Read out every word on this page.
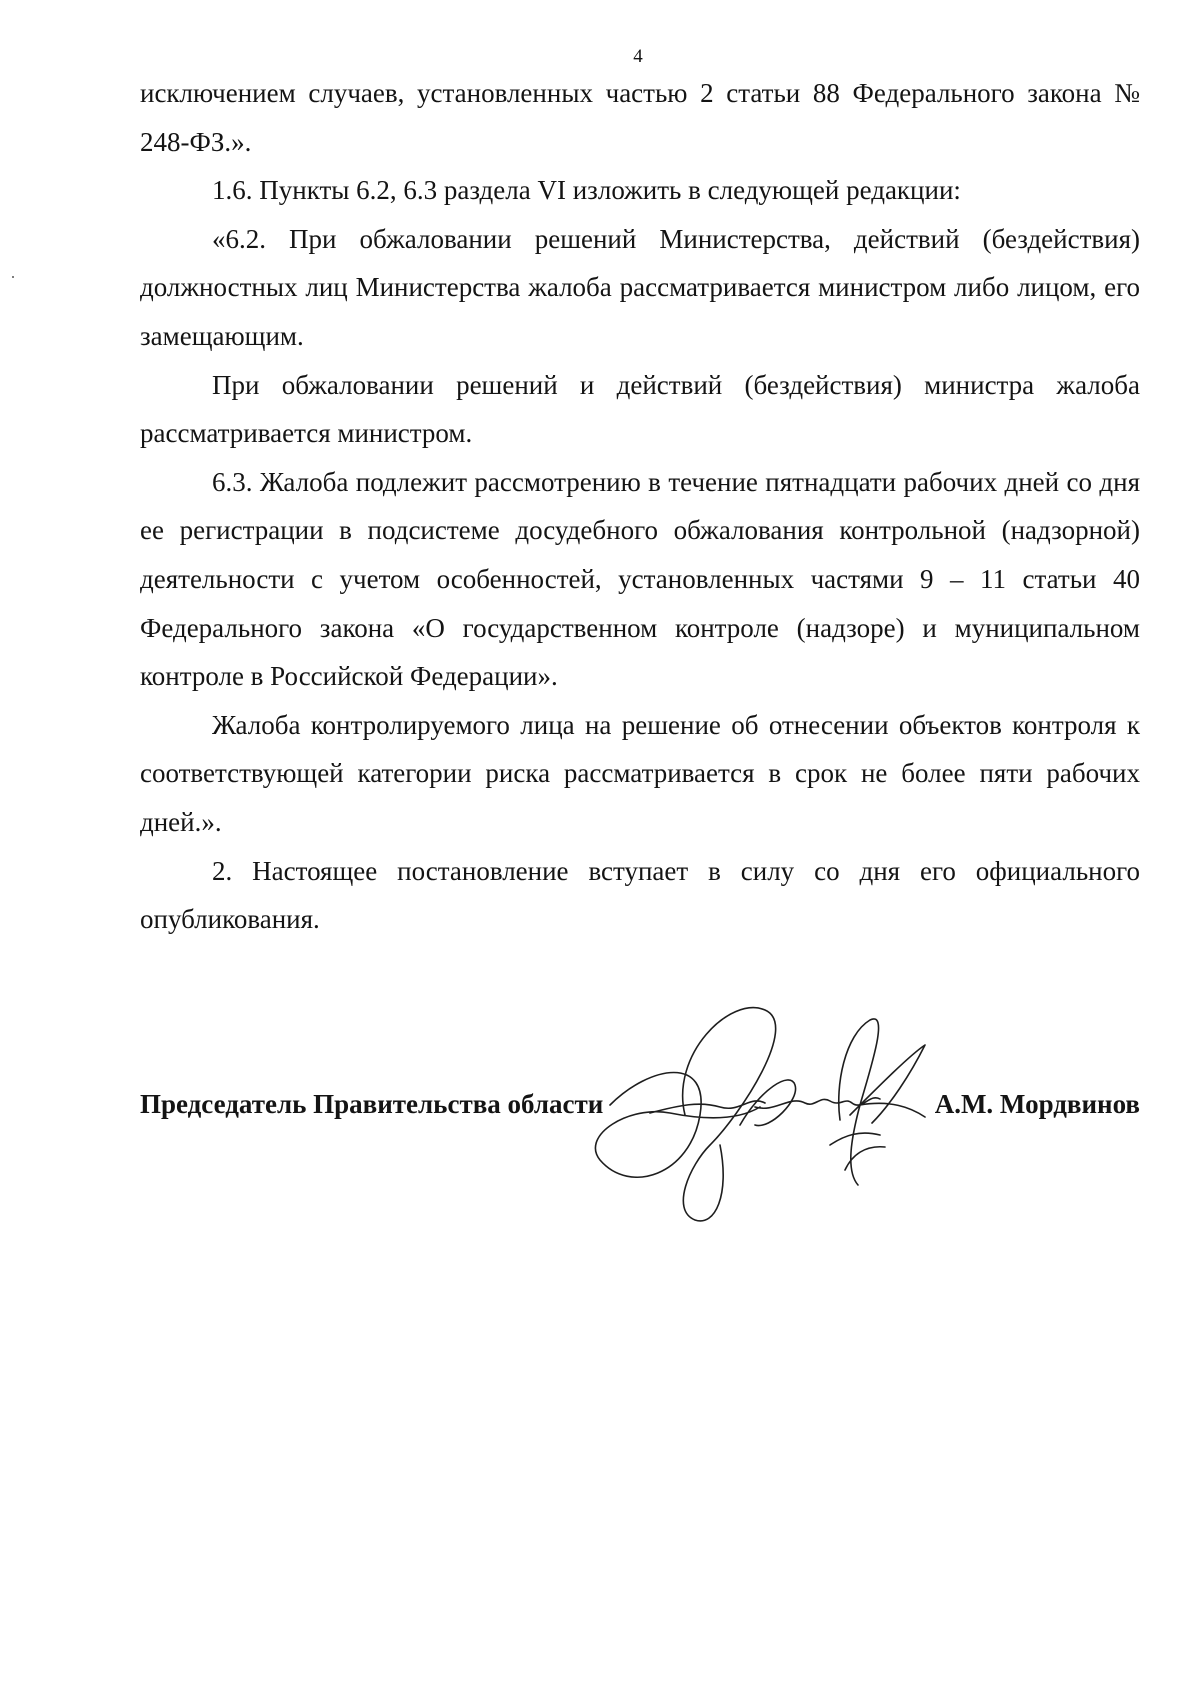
4

исключением случаев, установленных частью 2 статьи 88 Федерального закона № 248-ФЗ.».

1.6. Пункты 6.2, 6.3 раздела VI изложить в следующей редакции:

«6.2. При обжаловании решений Министерства, действий (бездействия) должностных лиц Министерства жалоба рассматривается министром либо лицом, его замещающим.

При обжаловании решений и действий (бездействия) министра жалоба рассматривается министром.

6.3. Жалоба подлежит рассмотрению в течение пятнадцати рабочих дней со дня ее регистрации в подсистеме досудебного обжалования контрольной (надзорной) деятельности с учетом особенностей, установленных частями 9 – 11 статьи 40 Федерального закона «О государственном контроле (надзоре) и муниципальном контроле в Российской Федерации».

Жалоба контролируемого лица на решение об отнесении объектов контроля к соответствующей категории риска рассматривается в срок не более пяти рабочих дней.».

2. Настоящее постановление вступает в силу со дня его официального опубликования.

Председатель Правительства области	А.М. Мордвинов
